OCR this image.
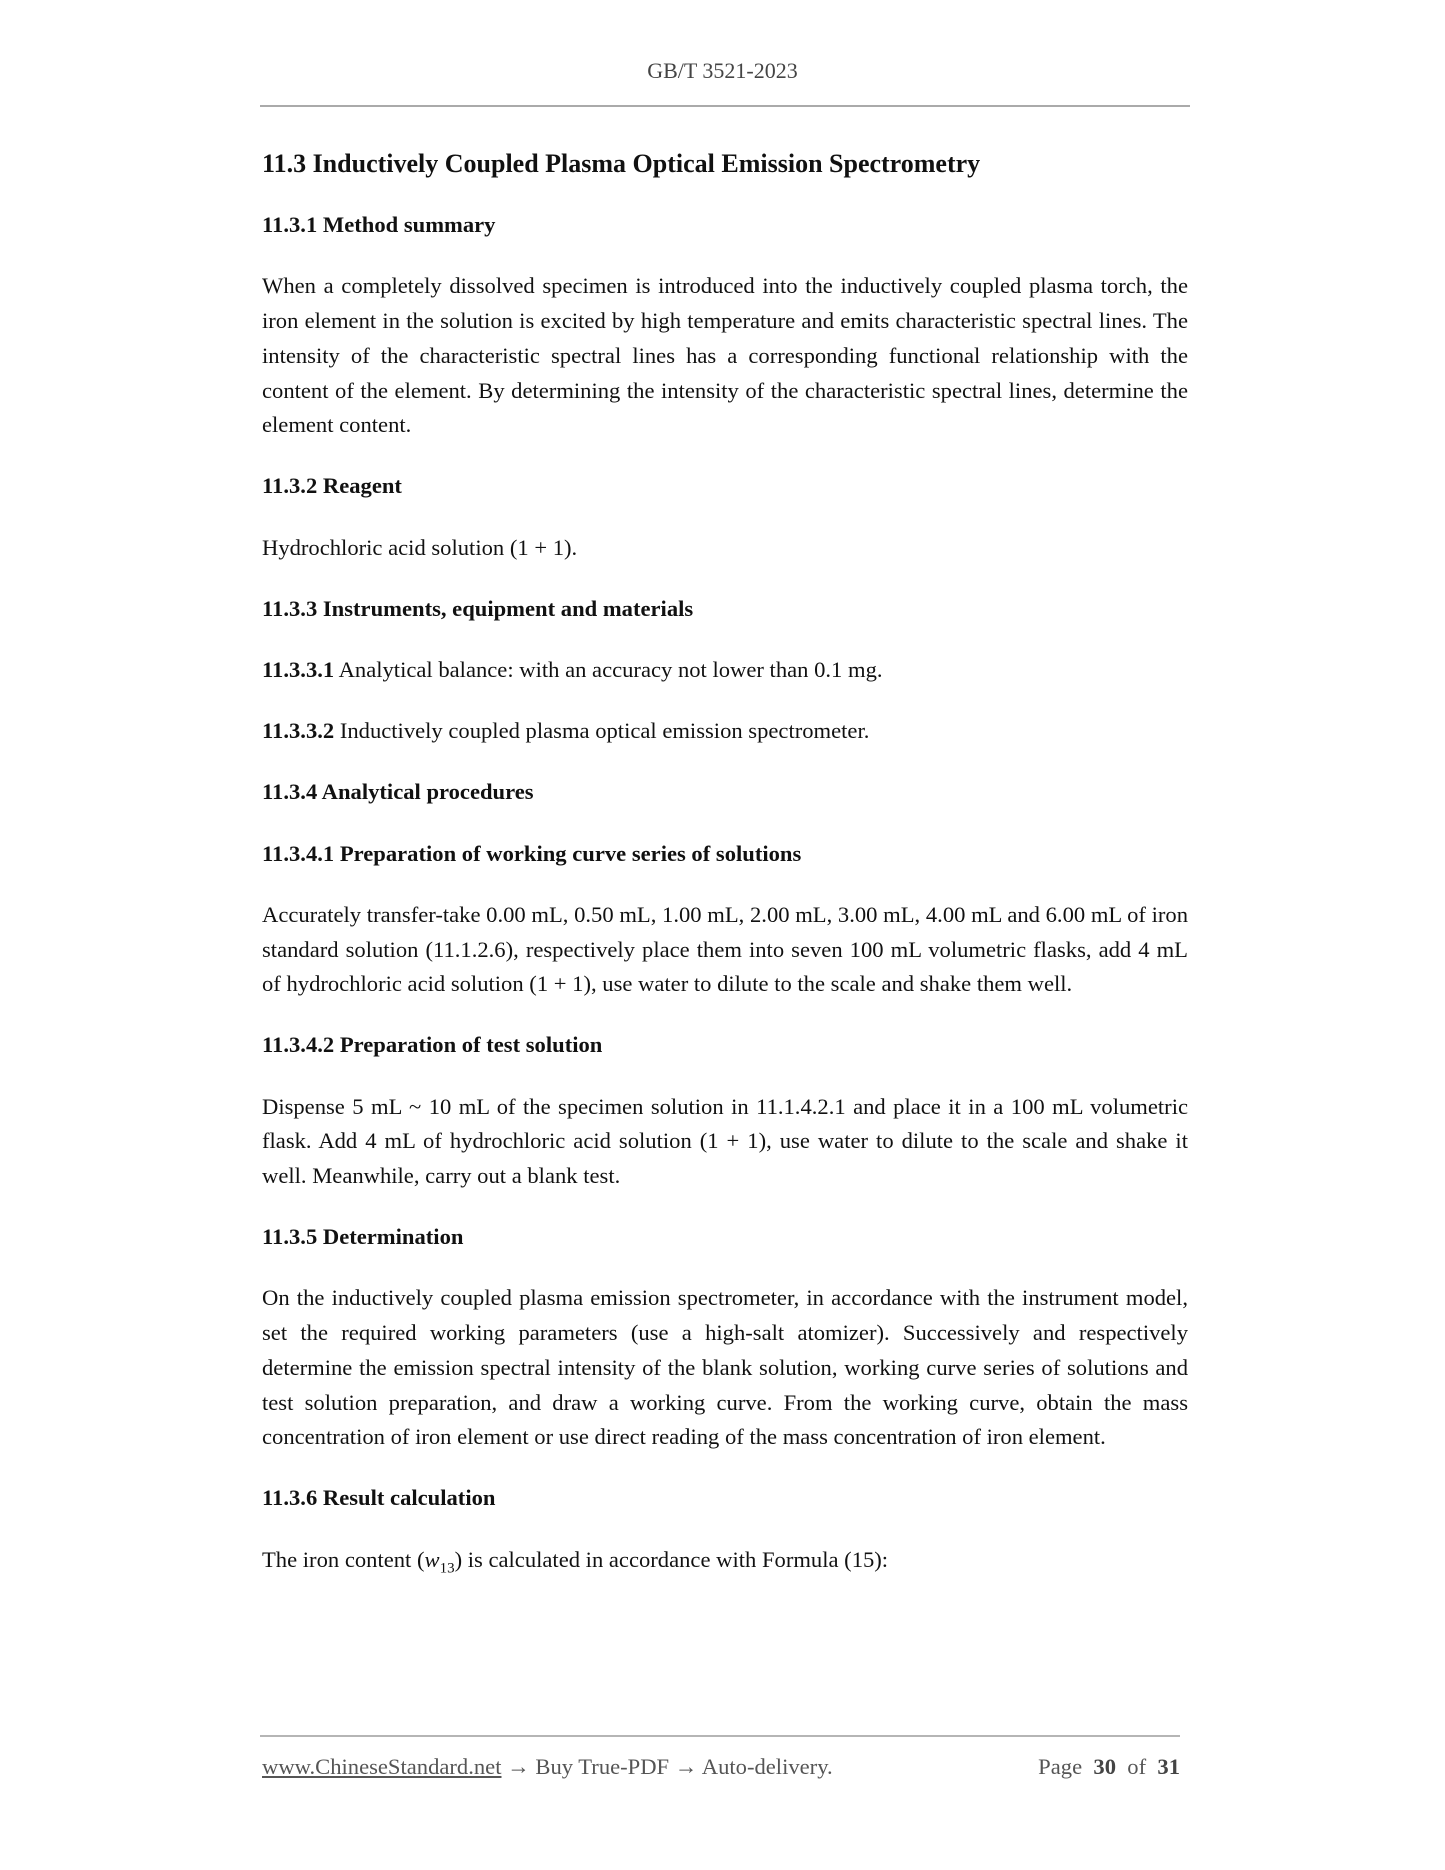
GB/T 3521-2023
11.3 Inductively Coupled Plasma Optical Emission Spectrometry
11.3.1 Method summary

When a completely dissolved specimen is introduced into the inductively coupled plasma torch, the iron element in the solution is excited by high temperature and emits characteristic spectral lines. The intensity of the characteristic spectral lines has a corresponding functional relationship with the content of the element. By determining the intensity of the characteristic spectral lines, determine the element content.

11.3.2 Reagent

Hydrochloric acid solution (1 + 1).

11.3.3 Instruments, equipment and materials

11.3.3.1 Analytical balance: with an accuracy not lower than 0.1 mg.

11.3.3.2 Inductively coupled plasma optical emission spectrometer.

11.3.4 Analytical procedures
11.3.4.1 Preparation of working curve series of solutions

Accurately transfer-take 0.00 mL, 0.50 mL, 1.00 mL, 2.00 mL, 3.00 mL, 4.00 mL and 6.00 mL of iron standard solution (11.1.2.6), respectively place them into seven 100 mL volumetric flasks, add 4 mL of hydrochloric acid solution (1 + 1), use water to dilute to the scale and shake them well.

11.3.4.2 Preparation of test solution

Dispense 5 mL ~ 10 mL of the specimen solution in 11.1.4.2.1 and place it in a 100 mL volumetric flask. Add 4 mL of hydrochloric acid solution (1 + 1), use water to dilute to the scale and shake it well. Meanwhile, carry out a blank test.

11.3.5 Determination

On the inductively coupled plasma emission spectrometer, in accordance with the instrument model, set the required working parameters (use a high-salt atomizer). Successively and respectively determine the emission spectral intensity of the blank solution, working curve series of solutions and test solution preparation, and draw a working curve. From the working curve, obtain the mass concentration of iron element or use direct reading of the mass concentration of iron element.

11.3.6 Result calculation

The iron content $(w_{13})$ is calculated in accordance with Formula (15):

www.ChineseStandard.net → Buy True-PDF → Auto-delivery.	Page 30 of 31
